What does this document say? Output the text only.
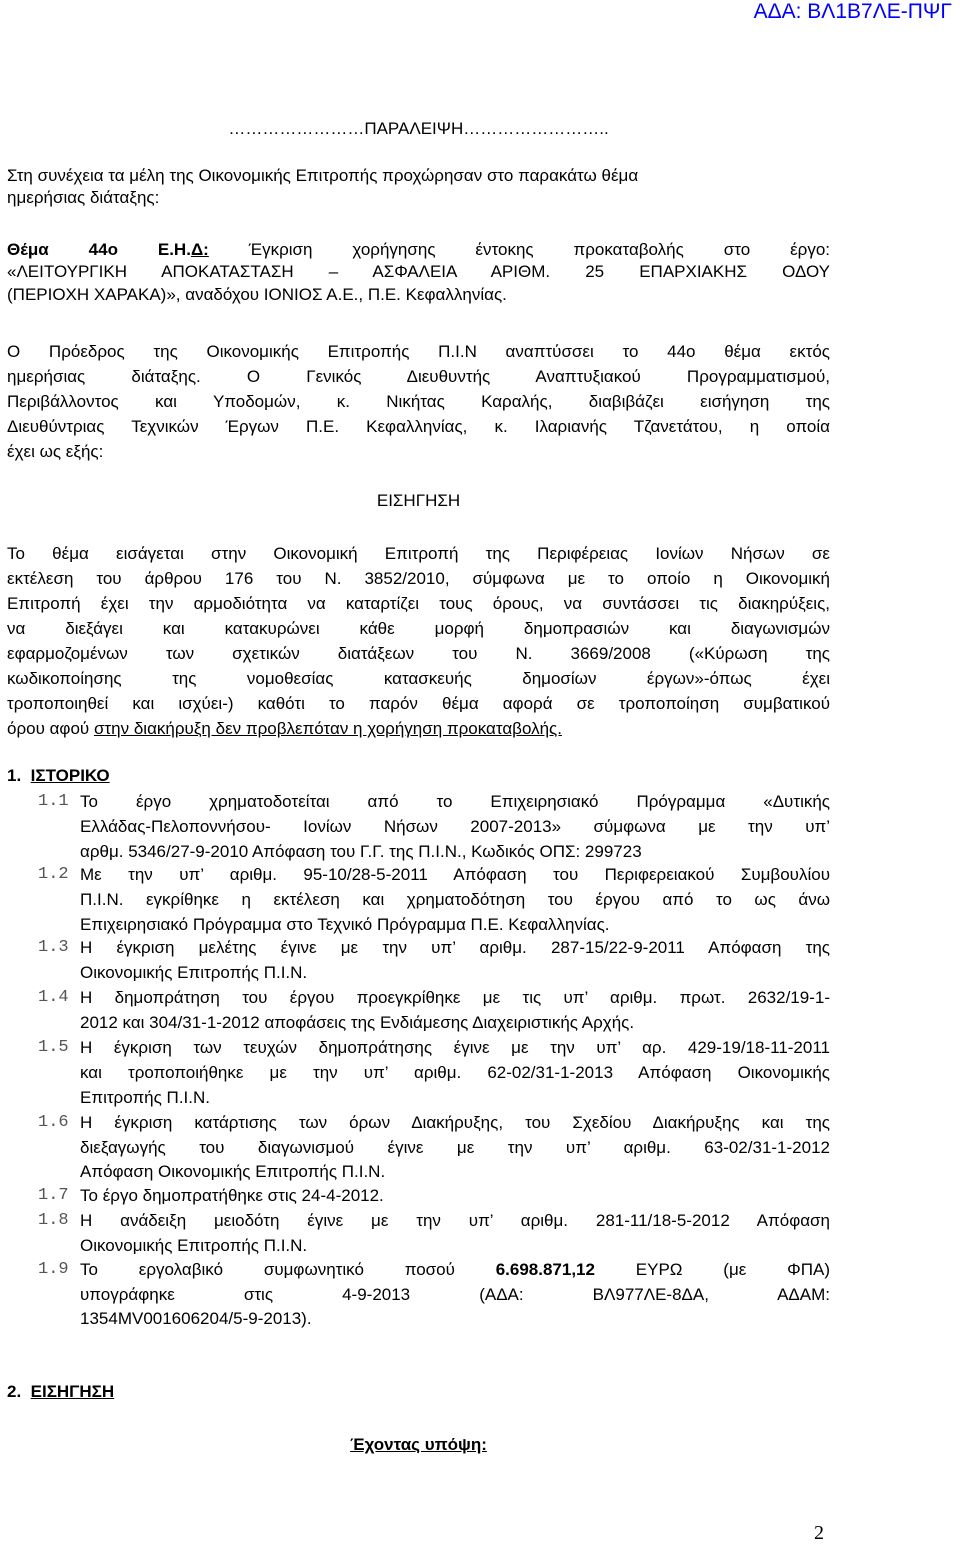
ΑΔΑ: ΒΛ1Β7ΛΕ-ΠΨΓ
……………………ΠΑΡΑΛΕΙΨΗ……………………..
Στη συνέχεια τα μέλη της Οικονομικής Επιτροπής προχώρησαν στο παρακάτω θέμα
ημερήσιας διάταξης:
Θέμα 44ο Ε.Η.Δ: Έγκριση χορήγησης έντοκης προκαταβολής στο έργο:
«ΛΕΙΤΟΥΡΓΙΚΗ ΑΠΟΚΑΤΑΣΤΑΣΗ – ΑΣΦΑΛΕΙΑ ΑΡΙΘΜ. 25 ΕΠΑΡΧΙΑΚΗΣ ΟΔΟΥ
(ΠΕΡΙΟΧΗ ΧΑΡΑΚΑ)», αναδόχου ΙΟΝΙΟΣ Α.Ε., Π.Ε. Κεφαλληνίας.
Ο Πρόεδρος της Οικονομικής Επιτροπής Π.Ι.Ν αναπτύσσει το 44ο θέμα εκτός
ημερήσιας διάταξης. Ο Γενικός Διευθυντής Αναπτυξιακού Προγραμματισμού,
Περιβάλλοντος και Υποδομών, κ. Νικήτας Καραλής, διαβιβάζει εισήγηση της
Διευθύντριας Τεχνικών Έργων Π.Ε. Κεφαλληνίας, κ. Ιλαριανής Τζανετάτου, η οποία
έχει ως εξής:
ΕΙΣΗΓΗΣΗ
Το θέμα εισάγεται στην Οικονομική Επιτροπή της Περιφέρειας Ιονίων Νήσων σε
εκτέλεση του άρθρου 176 του Ν. 3852/2010, σύμφωνα με το οποίο η Οικονομική
Επιτροπή έχει την αρμοδιότητα να καταρτίζει τους όρους, να συντάσσει τις διακηρύξεις,
να διεξάγει και κατακυρώνει κάθε μορφή δημοπρασιών και διαγωνισμών
εφαρμοζομένων των σχετικών διατάξεων του Ν. 3669/2008 («Κύρωση της
κωδικοποίησης της νομοθεσίας κατασκευής δημοσίων έργων»-όπως έχει
τροποποιηθεί και ισχύει-) καθότι το παρόν θέμα αφορά σε τροποποίηση συμβατικού
όρου αφού στην διακήρυξη δεν προβλεπόταν η χορήγηση προκαταβολής.
1. ΙΣΤΟΡΙΚΟ
1.1 Το έργο χρηματοδοτείται από το Επιχειρησιακό Πρόγραμμα «Δυτικής
Ελλάδας-Πελοποννήσου- Ιονίων Νήσων 2007-2013» σύμφωνα με την υπ’
αρθμ. 5346/27-9-2010 Απόφαση του Γ.Γ. της Π.Ι.Ν., Κωδικός ΟΠΣ: 299723
1.2 Με την υπ’ αριθμ. 95-10/28-5-2011 Απόφαση του Περιφερειακού Συμβουλίου
Π.Ι.Ν. εγκρίθηκε η εκτέλεση και χρηματοδότηση του έργου από το ως άνω
Επιχειρησιακό Πρόγραμμα στο Τεχνικό Πρόγραμμα Π.Ε. Κεφαλληνίας.
1.3 Η έγκριση μελέτης έγινε με την υπ’ αριθμ. 287-15/22-9-2011 Απόφαση της
Οικονομικής Επιτροπής Π.Ι.Ν.
1.4 Η δημοπράτηση του έργου προεγκρίθηκε με τις υπ’ αριθμ. πρωτ. 2632/19-1-
2012 και 304/31-1-2012 αποφάσεις της Ενδιάμεσης Διαχειριστικής Αρχής.
1.5 Η έγκριση των τευχών δημοπράτησης έγινε με την υπ’ αρ. 429-19/18-11-2011
και τροποποιήθηκε με την υπ’ αριθμ. 62-02/31-1-2013 Απόφαση Οικονομικής
Επιτροπής Π.Ι.Ν.
1.6 Η έγκριση κατάρτισης των όρων Διακήρυξης, του Σχεδίου Διακήρυξης και της
διεξαγωγής του διαγωνισμού έγινε με την υπ’ αριθμ. 63-02/31-1-2012
Απόφαση Οικονομικής Επιτροπής Π.Ι.Ν.
1.7 Το έργο δημοπρατήθηκε στις 24-4-2012.
1.8 Η ανάδειξη μειοδότη έγινε με την υπ’ αριθμ. 281-11/18-5-2012 Απόφαση
Οικονομικής Επιτροπής Π.Ι.Ν.
1.9 Το εργολαβικό συμφωνητικό ποσού 6.698.871,12 ΕΥΡΩ (με ΦΠΑ)
υπογράφηκε στις 4-9-2013 (ΑΔΑ: ΒΛ977ΛΕ-8ΔΑ, ΑΔΑΜ:
1354MV001606204/5-9-2013).
2. ΕΙΣΗΓΗΣΗ
Έχοντας υπόψη:
2
